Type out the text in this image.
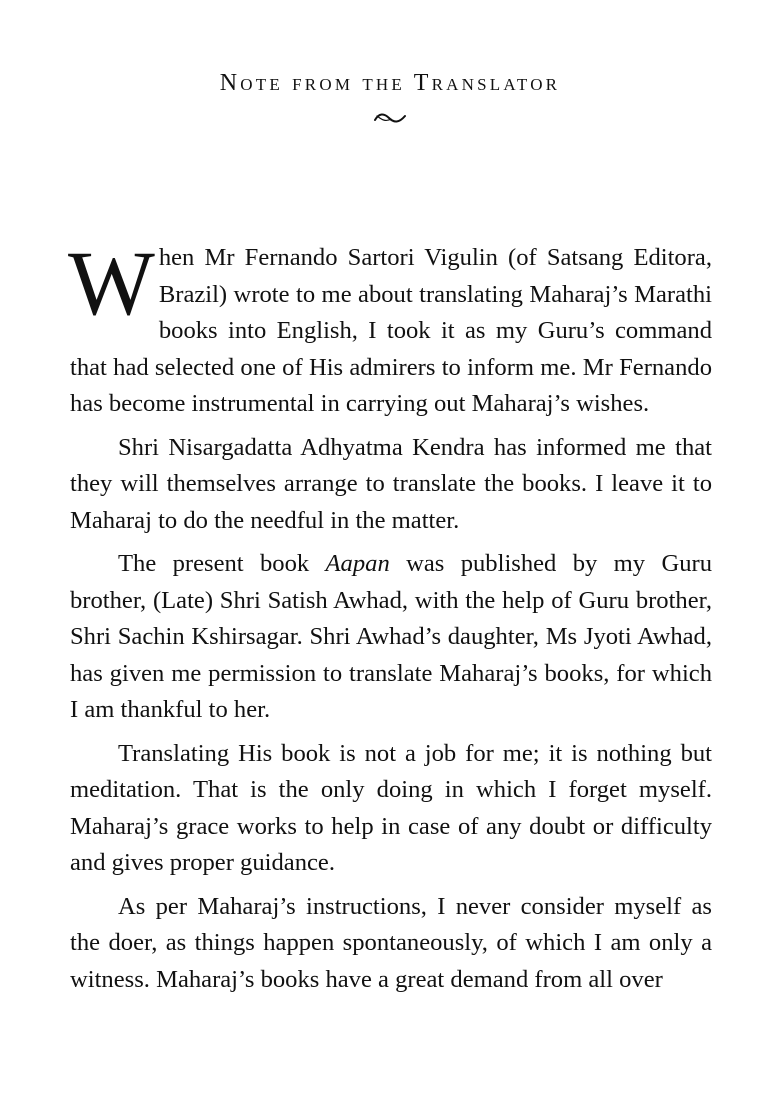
Note from the Translator

When Mr Fernando Sartori Vigulin (of Satsang Editora, Brazil) wrote to me about translating Maharaj’s Marathi books into English, I took it as my Guru’s command that had selected one of His admirers to inform me. Mr Fernando has become instrumental in carrying out Maharaj’s wishes.

Shri Nisargadatta Adhyatma Kendra has informed me that they will themselves arrange to translate the books. I leave it to Maharaj to do the needful in the matter.

The present book Aapan was published by my Guru brother, (Late) Shri Satish Awhad, with the help of Guru brother, Shri Sachin Kshirsagar. Shri Awhad’s daughter, Ms Jyoti Awhad, has given me permission to translate Maharaj’s books, for which I am thankful to her.

Translating His book is not a job for me; it is nothing but meditation. That is the only doing in which I forget myself. Maharaj’s grace works to help in case of any doubt or difficulty and gives proper guidance.

As per Maharaj’s instructions, I never consider myself as the doer, as things happen spontaneously, of which I am only a witness. Maharaj’s books have a great demand from all over
